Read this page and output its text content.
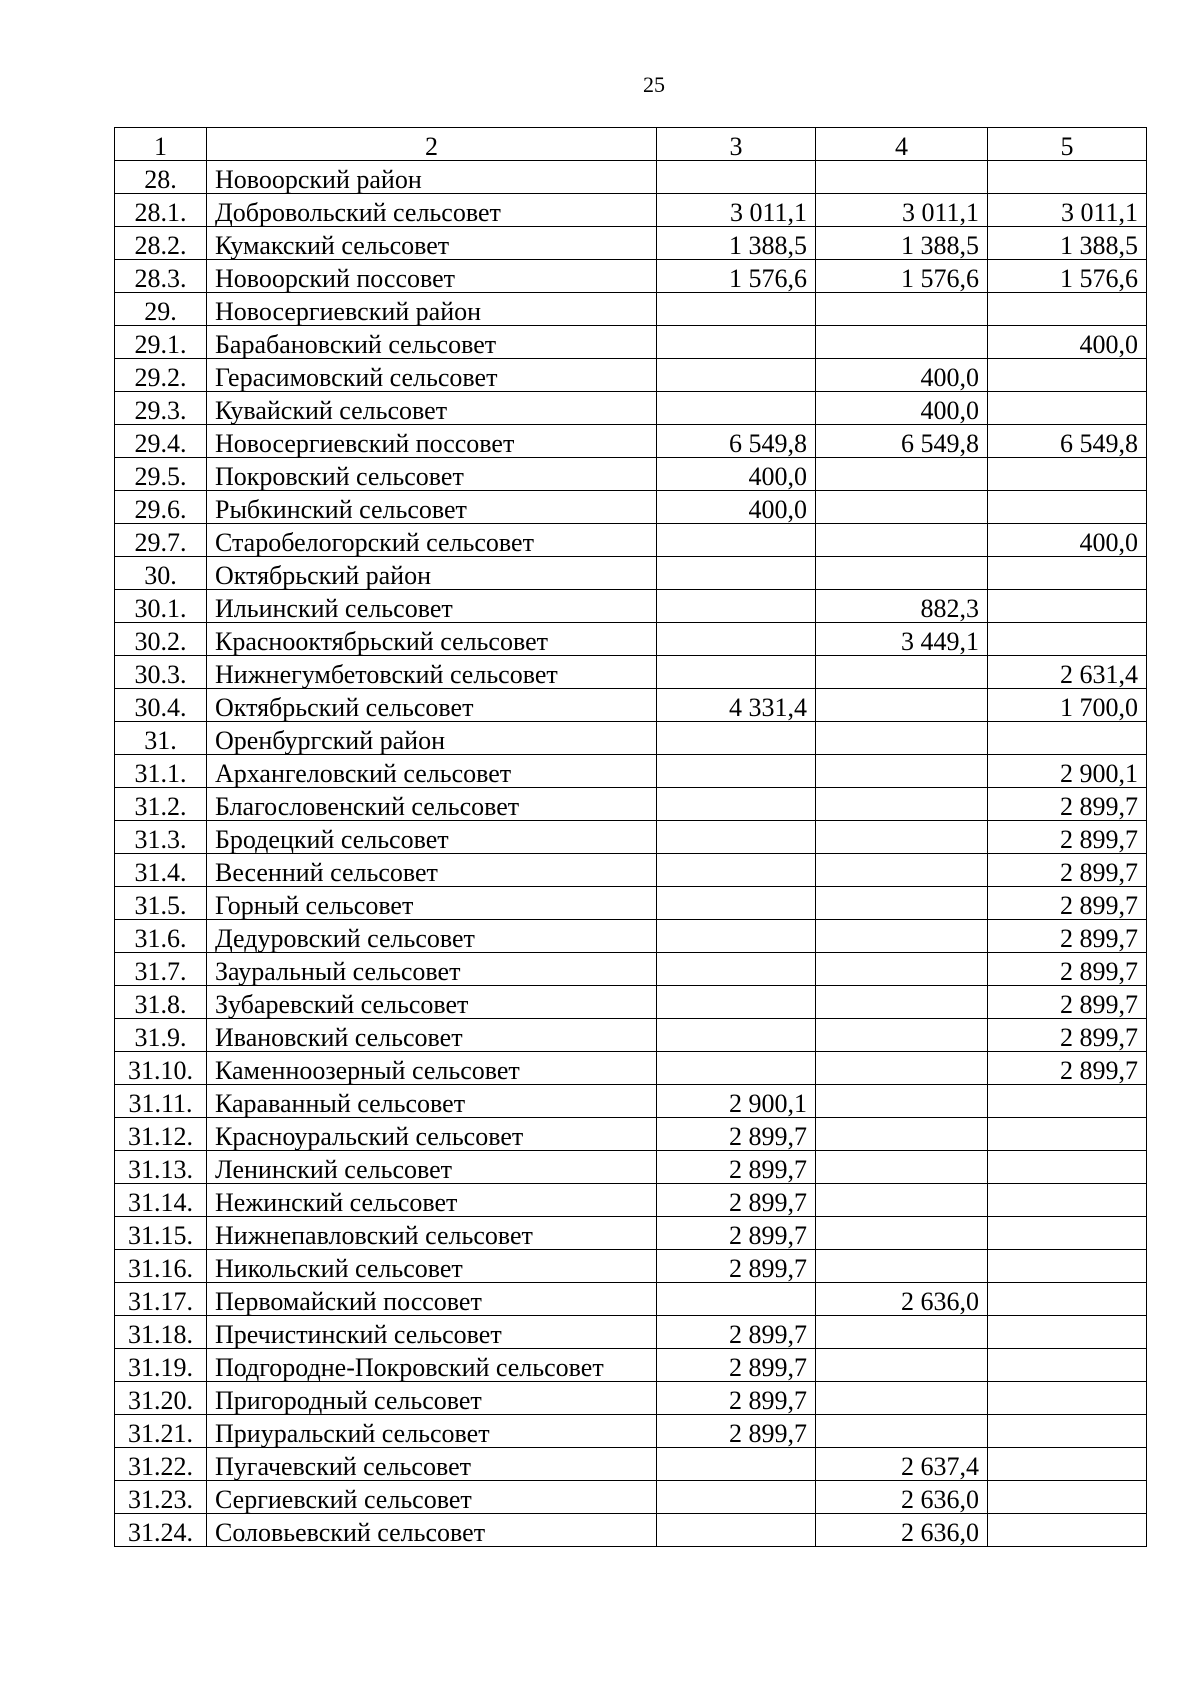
25
1	2	3	4	5
28.	Новоорский район			
28.1.	Добровольский сельсовет	3 011,1	3 011,1	3 011,1
28.2.	Кумакский сельсовет	1 388,5	1 388,5	1 388,5
28.3.	Новоорский поссовет	1 576,6	1 576,6	1 576,6
29.	Новосергиевский район			
29.1.	Барабановский сельсовет			400,0
29.2.	Герасимовский сельсовет		400,0	
29.3.	Кувайский сельсовет		400,0	
29.4.	Новосергиевский поссовет	6 549,8	6 549,8	6 549,8
29.5.	Покровский сельсовет	400,0		
29.6.	Рыбкинский сельсовет	400,0		
29.7.	Старобелогорский сельсовет			400,0
30.	Октябрьский район			
30.1.	Ильинский сельсовет		882,3	
30.2.	Краснооктябрьский сельсовет		3 449,1	
30.3.	Нижнегумбетовский сельсовет			2 631,4
30.4.	Октябрьский сельсовет	4 331,4		1 700,0
31.	Оренбургский район			
31.1.	Архангеловский сельсовет			2 900,1
31.2.	Благословенский сельсовет			2 899,7
31.3.	Бродецкий сельсовет			2 899,7
31.4.	Весенний сельсовет			2 899,7
31.5.	Горный сельсовет			2 899,7
31.6.	Дедуровский сельсовет			2 899,7
31.7.	Зауральный сельсовет			2 899,7
31.8.	Зубаревский сельсовет			2 899,7
31.9.	Ивановский сельсовет			2 899,7
31.10.	Каменноозерный сельсовет			2 899,7
31.11.	Караванный сельсовет	2 900,1		
31.12.	Красноуральский сельсовет	2 899,7		
31.13.	Ленинский сельсовет	2 899,7		
31.14.	Нежинский сельсовет	2 899,7		
31.15.	Нижнепавловский сельсовет	2 899,7		
31.16.	Никольский сельсовет	2 899,7		
31.17.	Первомайский поссовет		2 636,0	
31.18.	Пречистинский сельсовет	2 899,7		
31.19.	Подгородне-Покровский сельсовет	2 899,7		
31.20.	Пригородный сельсовет	2 899,7		
31.21.	Приуральский сельсовет	2 899,7		
31.22.	Пугачевский сельсовет		2 637,4	
31.23.	Сергиевский сельсовет		2 636,0	
31.24.	Соловьевский сельсовет		2 636,0	
